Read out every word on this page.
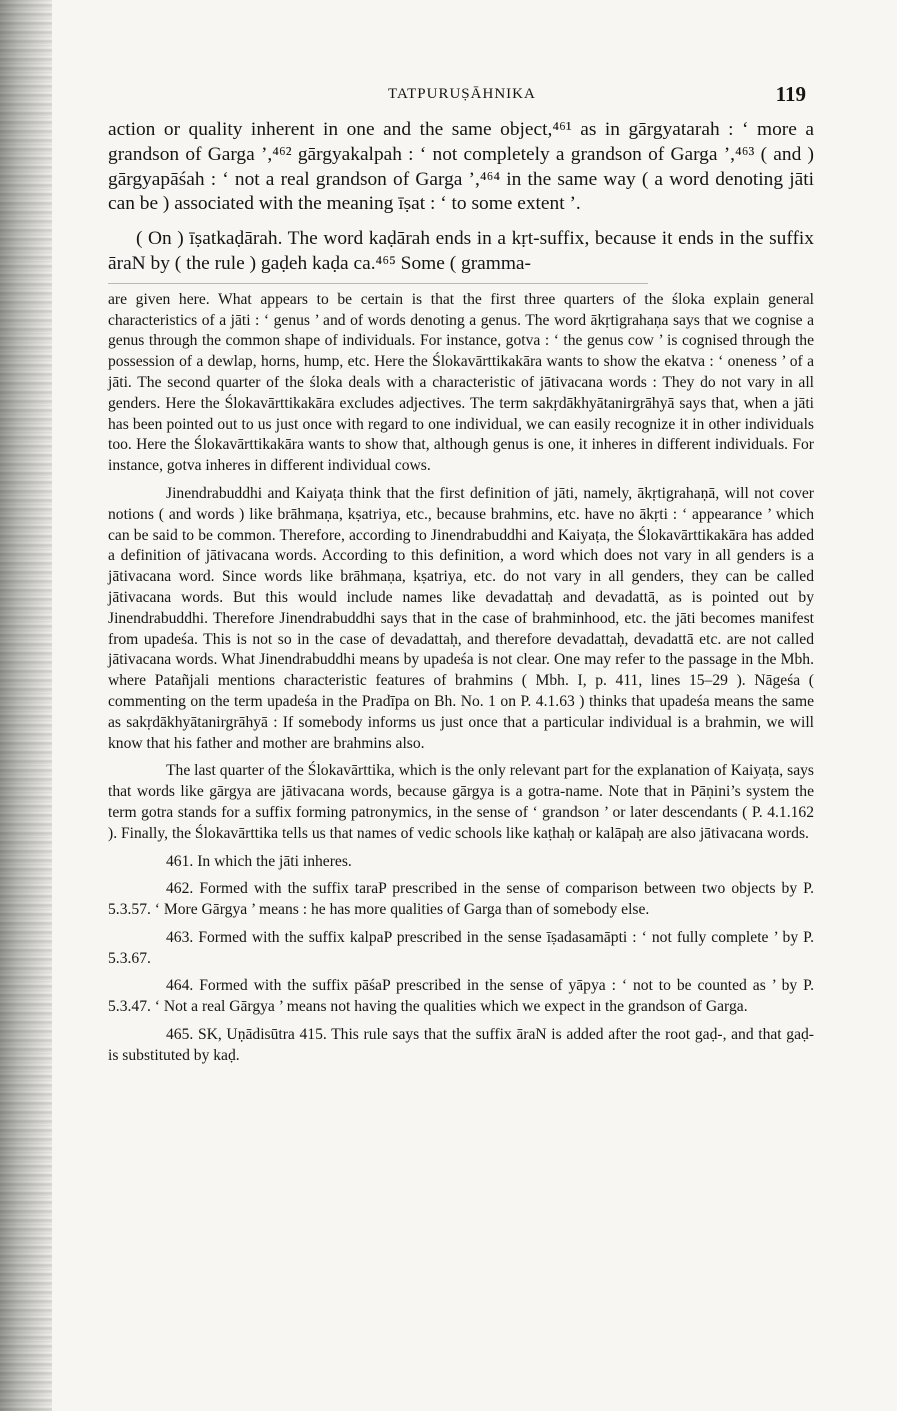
TATPURUṢĀHNIKA	119

action or quality inherent in one and the same object,⁴⁶¹ as in gārgyatarah : ‘ more a grandson of Garga ’,⁴⁶² gārgyakalpah : ‘ not completely a grandson of Garga ’,⁴⁶³ ( and ) gārgyapāśah : ‘ not a real grandson of Garga ’,⁴⁶⁴ in the same way ( a word denoting jāti can be ) associated with the meaning īṣat : ‘ to some extent ’.

( On ) īṣatkaḍārah. The word kaḍārah ends in a kṛt-suffix, because it ends in the suffix āraN by ( the rule ) gaḍeh kaḍa ca.⁴⁶⁵ Some ( gramma-

are given here. What appears to be certain is that the first three quarters of the śloka explain general characteristics of a jāti : ‘ genus ’ and of words denoting a genus. The word ākṛtigrahaṇa says that we cognise a genus through the common shape of individuals. For instance, gotva : ‘ the genus cow ’ is cognised through the possession of a dewlap, horns, hump, etc. Here the Ślokavārttikakāra wants to show the ekatva : ‘ oneness ’ of a jāti. The second quarter of the śloka deals with a characteristic of jātivacana words : They do not vary in all genders. Here the Ślokavārttikakāra excludes adjectives. The term sakṛdākhyātanirgrāhyā says that, when a jāti has been pointed out to us just once with regard to one individual, we can easily recognize it in other individuals too. Here the Ślokavārttikakāra wants to show that, although genus is one, it inheres in different individuals. For instance, gotva inheres in different individual cows.

Jinendrabuddhi and Kaiyaṭa think that the first definition of jāti, namely, ākṛtigrahaṇā, will not cover notions ( and words ) like brāhmaṇa, kṣatriya, etc., because brahmins, etc. have no ākṛti : ‘ appearance ’ which can be said to be common. Therefore, according to Jinendrabuddhi and Kaiyaṭa, the Ślokavārttikakāra has added a definition of jātivacana words. According to this definition, a word which does not vary in all genders is a jātivacana word. Since words like brāhmaṇa, kṣatriya, etc. do not vary in all genders, they can be called jātivacana words. But this would include names like devadattaḥ and devadattā, as is pointed out by Jinendrabuddhi. Therefore Jinendrabuddhi says that in the case of brahminhood, etc. the jāti becomes manifest from upadeśa. This is not so in the case of devadattaḥ, and therefore devadattaḥ, devadattā etc. are not called jātivacana words. What Jinendrabuddhi means by upadeśa is not clear. One may refer to the passage in the Mbh. where Patañjali mentions characteristic features of brahmins ( Mbh. I, p. 411, lines 15–29 ). Nāgeśa ( commenting on the term upadeśa in the Pradīpa on Bh. No. 1 on P. 4.1.63 ) thinks that upadeśa means the same as sakṛdākhyātanirgrāhyā : If somebody informs us just once that a particular individual is a brahmin, we will know that his father and mother are brahmins also.

The last quarter of the Ślokavārttika, which is the only relevant part for the explanation of Kaiyaṭa, says that words like gārgya are jātivacana words, because gārgya is a gotra-name. Note that in Pāṇini’s system the term gotra stands for a suffix forming patronymics, in the sense of ‘ grandson ’ or later descendants ( P. 4.1.162 ). Finally, the Ślokavārttika tells us that names of vedic schools like kaṭhaḥ or kalāpaḥ are also jātivacana words.

461. In which the jāti inheres.

462. Formed with the suffix taraP prescribed in the sense of comparison between two objects by P. 5.3.57. ‘ More Gārgya ’ means : he has more qualities of Garga than of somebody else.

463. Formed with the suffix kalpaP prescribed in the sense īṣadasamāpti : ‘ not fully complete ’ by P. 5.3.67.

464. Formed with the suffix pāśaP prescribed in the sense of yāpya : ‘ not to be counted as ’ by P. 5.3.47. ‘ Not a real Gārgya ’ means not having the qualities which we expect in the grandson of Garga.

465. SK, Uṇādisūtra 415. This rule says that the suffix āraN is added after the root gaḍ-, and that gaḍ- is substituted by kaḍ.
